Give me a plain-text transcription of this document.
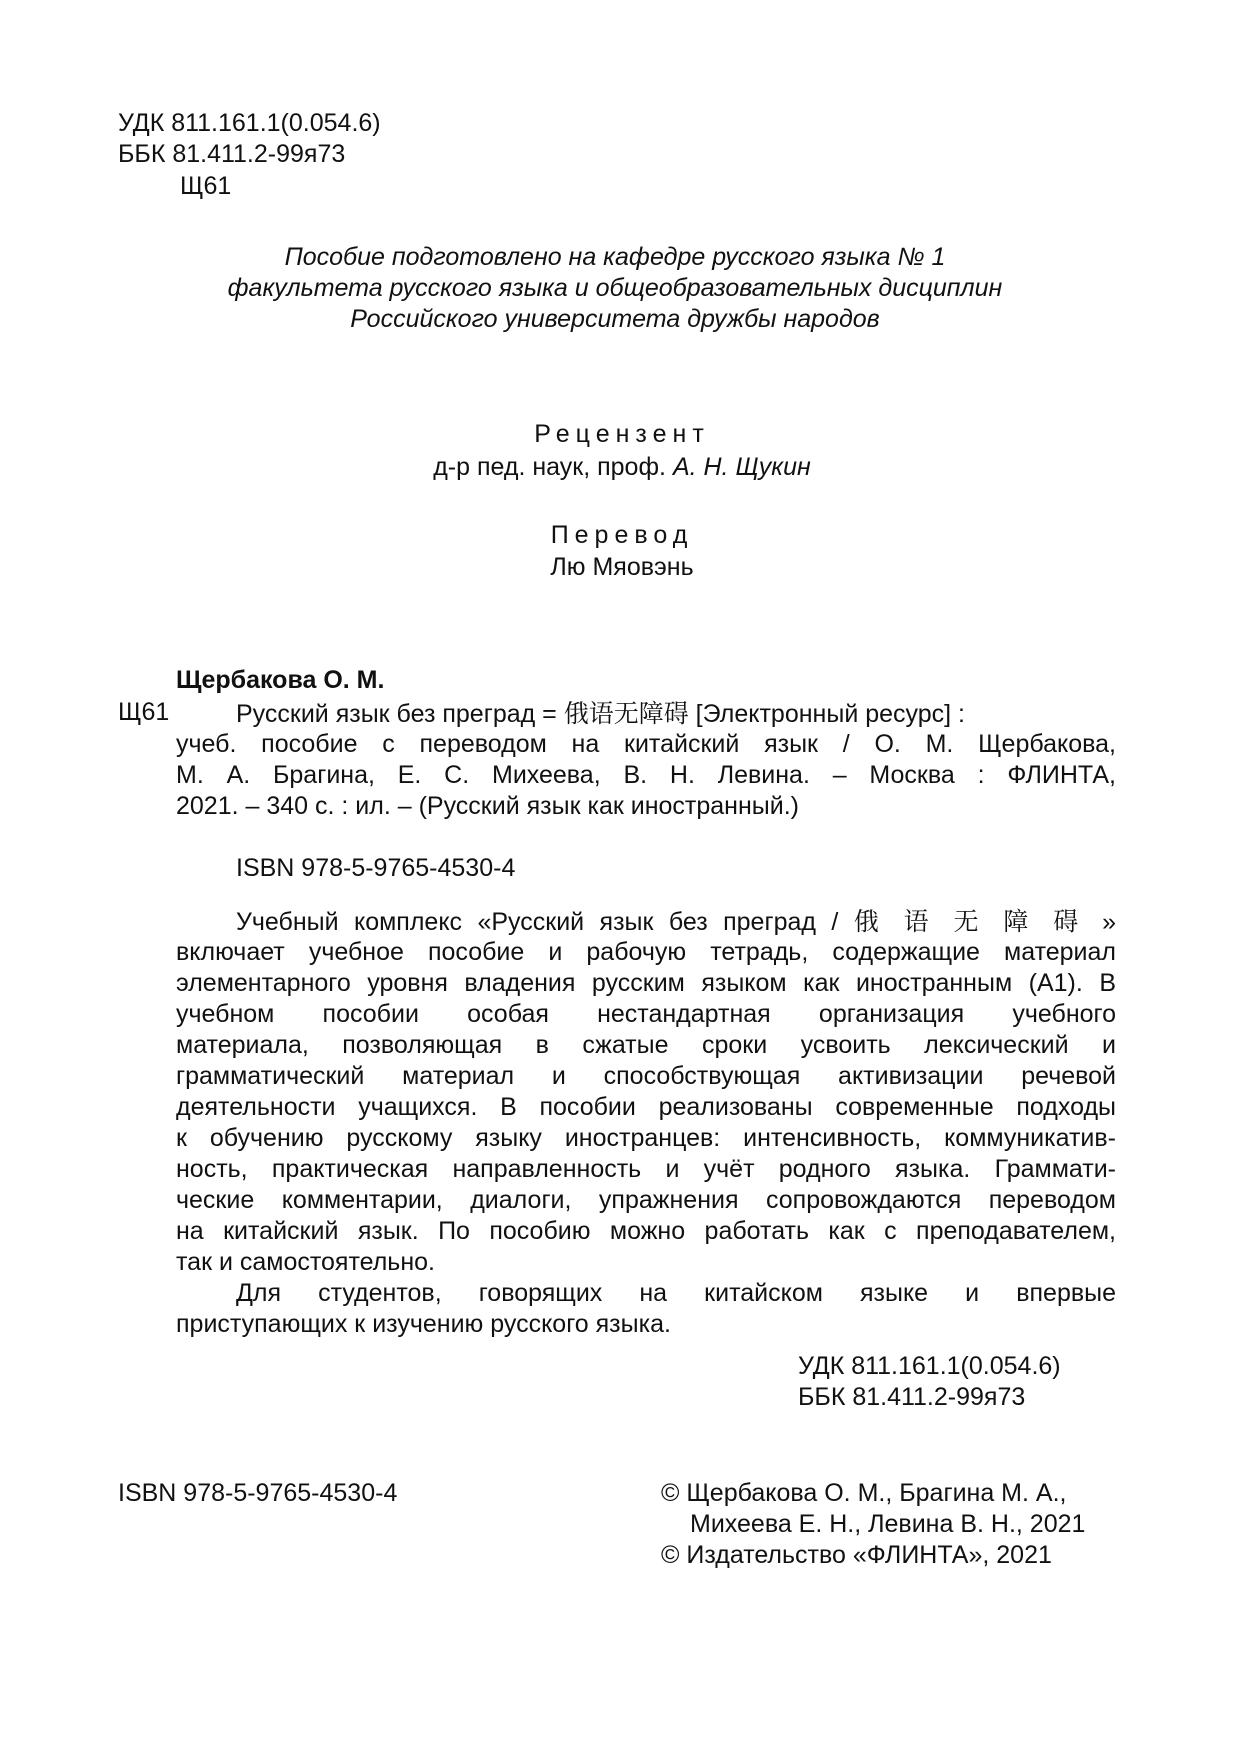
УДК 811.161.1(0.054.6)
ББК 81.411.2-99я73
Щ61
Пособие подготовлено на кафедре русского языка № 1
факультета русского языка и общеобразовательных дисциплин
Российского университета дружбы народов
Рецензент
д-р пед. наук, проф. А. Н. Щукин
Перевод
Лю Мяовэнь
Щербакова О. М.
Щ61	Русский язык без преград = 俄语无障碍 [Электронный ресурс] :
учеб. пособие с переводом на китайский язык / О. М. Щербакова,
М. А. Брагина, Е. С. Михеева, В. Н. Левина. – Москва : ФЛИНТА,
2021. – 340 с. : ил. – (Русский язык как иностранный.)
ISBN 978-5-9765-4530-4
Учебный комплекс «Русский язык без преград / 俄 语 无 障 碍 »
включает учебное пособие и рабочую тетрадь, содержащие материал
элементарного уровня владения русским языком как иностранным (А1). В
учебном пособии особая нестандартная организация учебного
материала, позволяющая в сжатые сроки усвоить лексический и
грамматический материал и способствующая активизации речевой
деятельности учащихся. В пособии реализованы современные подходы
к обучению русскому языку иностранцев: интенсивность, коммуникатив-
ность, практическая направленность и учёт родного языка. Граммати-
ческие комментарии, диалоги, упражнения сопровождаются переводом
на китайский язык. По пособию можно работать как с преподавателем,
так и самостоятельно.
Для студентов, говорящих на китайском языке и впервые
приступающих к изучению русского языка.
УДК 811.161.1(0.054.6)
ББК 81.411.2-99я73
ISBN 978-5-9765-4530-4	© Щербакова О. М., Брагина М. А.,
Михеева Е. Н., Левина В. Н., 2021
© Издательство «ФЛИНТА», 2021
